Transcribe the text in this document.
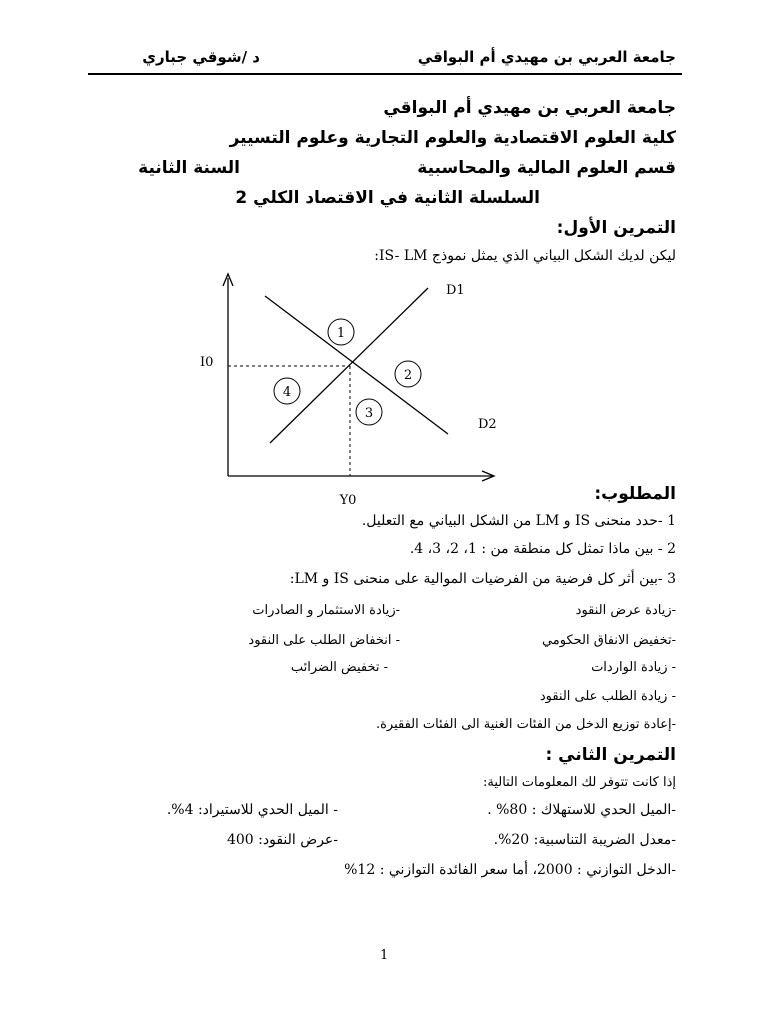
جامعة العربي بن مهيدي أم البواقي
د /شوقي جباري
جامعة العربي بن مهيدي أم البواقي
كلية العلوم الاقتصادية والعلوم التجارية وعلوم التسيير
قسم العلوم المالية والمحاسبية
السنة الثانية
السلسلة الثانية في الاقتصاد الكلي 2
التمرين الأول:
ليكن لديك الشكل البياني الذي يمثل نموذج IS- LM:
1
2
3
4
D1
D2
I0
Y0	المطلوب:
1 -حدد منحنى IS و LM من الشكل البياني مع التعليل.
2 - بين ماذا تمثل كل منطقة من : 1، 2، 3، 4.
3 -بين أثر كل فرضية من الفرضيات الموالية على منحنى IS و LM:
-زيادة عرض النقود
-تخفيض الانفاق الحكومي
- زيادة الواردات
- زيادة الطلب على النقود
-إعادة توزيع الدخل من الفئات الغنية الى الفئات الفقيرة.
-زيادة الاستثمار و الصادرات
- انخفاض الطلب على النقود
- تخفيض الضرائب
التمرين الثاني :
إذا كانت تتوفر لك المعلومات التالية:
-الميل الحدي للاستهلاك : 80% .
-معدل الضريبة التناسبية: 20%.
-الدخل التوازني : 2000، أما سعر الفائدة التوازني : 12%
- الميل الحدي للاستيراد: 4%.
-عرض النقود: 400
1
